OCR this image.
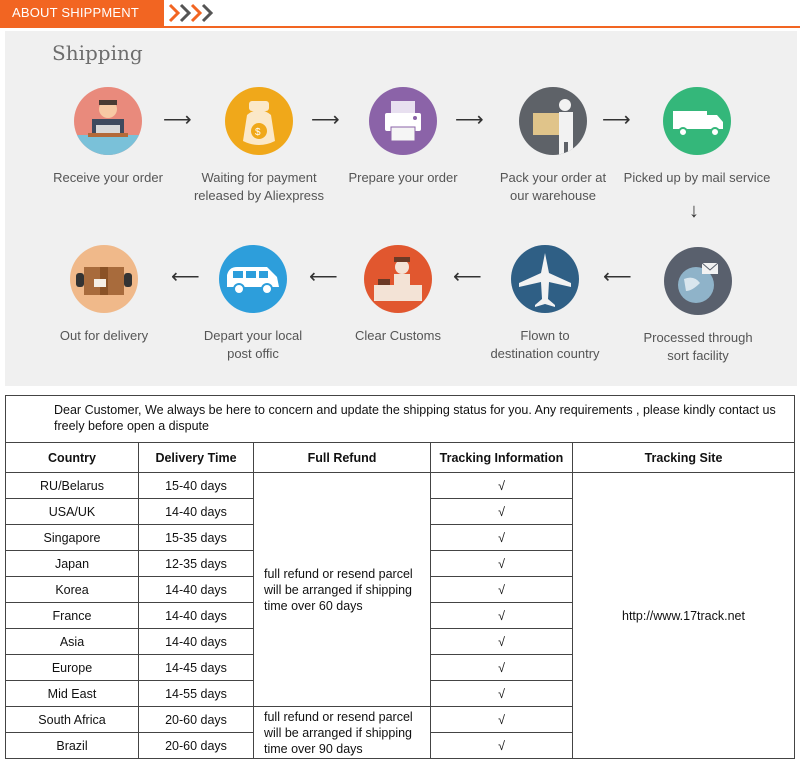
ABOUT SHIPPMENT
Shipping
Receive your order
⟶
$
Waiting for payment
released by Aliexpress
⟶
Prepare your order
⟶
Pack your order at
our warehouse
⟶
Picked up by mail service
↓
Processed through
sort facility
⟵
Flown to
destination country
⟵
Clear Customs
⟵
Depart your local
post offic
⟵
Out for delivery
Dear Customer, We always be here to concern and update the shipping status for you. Any requirements , please kindly contact us freely before open a dispute				
Country	Delivery Time	Full Refund	Tracking Information	Tracking Site
RU/Belarus	15-40 days	full refund or resend parcel will be arranged if shipping time over 60 days	√	http://www.17track.net
USA/UK	14-40 days		√	
Singapore	15-35 days		√	
Japan	12-35 days		√	
Korea	14-40 days		√	
France	14-40 days		√	
Asia	14-40 days		√	
Europe	14-45 days		√	
Mid East	14-55 days		√	
South Africa	20-60 days	full refund or resend parcel will be arranged if shipping time over 90 days	√	
Brazil	20-60 days		√	
